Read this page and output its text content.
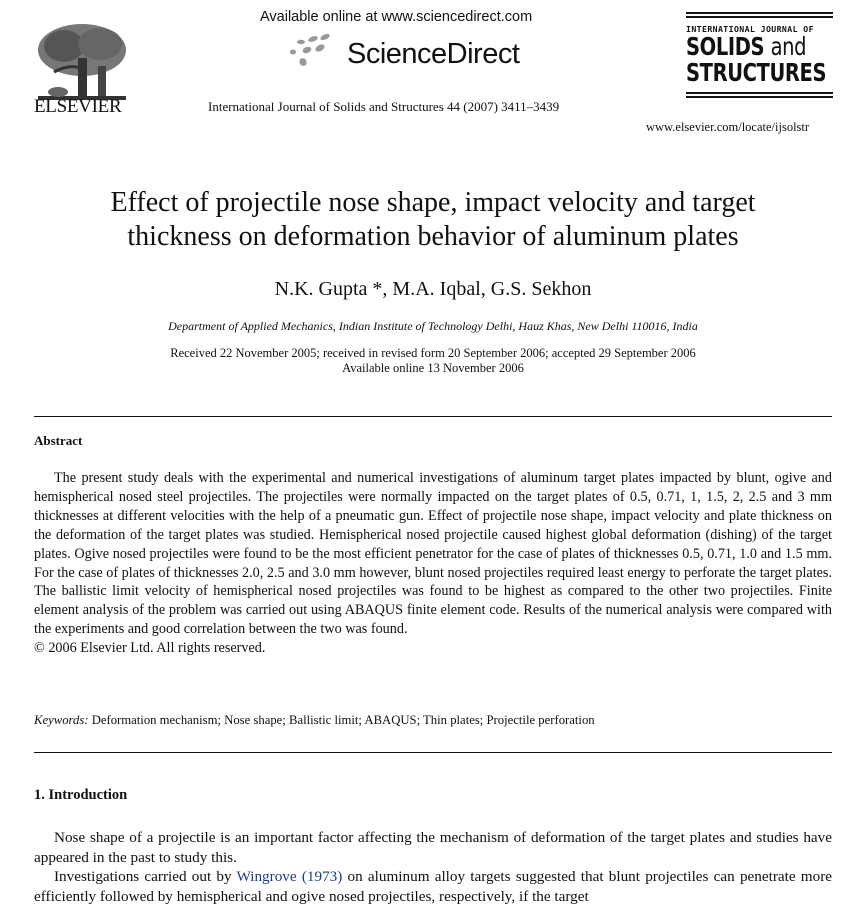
ELSEVIER
Available online at www.sciencedirect.com
ScienceDirect
International Journal of Solids and Structures 44 (2007) 3411–3439
INTERNATIONAL JOURNAL OF
SOLIDS and
STRUCTURES
www.elsevier.com/locate/ijsolstr
Effect of projectile nose shape, impact velocity and target
thickness on deformation behavior of aluminum plates
N.K. Gupta *, M.A. Iqbal, G.S. Sekhon
Department of Applied Mechanics, Indian Institute of Technology Delhi, Hauz Khas, New Delhi 110016, India
Received 22 November 2005; received in revised form 20 September 2006; accepted 29 September 2006
Available online 13 November 2006
Abstract

The present study deals with the experimental and numerical investigations of aluminum target plates impacted by blunt, ogive and hemispherical nosed steel projectiles. The projectiles were normally impacted on the target plates of 0.5, 0.71, 1, 1.5, 2, 2.5 and 3 mm thicknesses at different velocities with the help of a pneumatic gun. Effect of projectile nose shape, impact velocity and plate thickness on the deformation of the target plates was studied. Hemispherical nosed projectile caused highest global deformation (dishing) of the target plates. Ogive nosed projectiles were found to be the most efficient penetrator for the case of plates of thicknesses 0.5, 0.71, 1.0 and 1.5 mm. For the case of plates of thicknesses 2.0, 2.5 and 3.0 mm however, blunt nosed projectiles required least energy to perforate the target plates. The ballistic limit velocity of hemispherical nosed projectiles was found to be highest as compared to the other two projectiles. Finite element analysis of the problem was carried out using ABAQUS finite element code. Results of the numerical analysis were compared with the experiments and good correlation between the two was found.

© 2006 Elsevier Ltd. All rights reserved.

Keywords: Deformation mechanism; Nose shape; Ballistic limit; ABAQUS; Thin plates; Projectile perforation
1. Introduction

Nose shape of a projectile is an important factor affecting the mechanism of deformation of the target plates and studies have appeared in the past to study this.

Investigations carried out by Wingrove (1973) on aluminum alloy targets suggested that blunt projectiles can penetrate more efficiently followed by hemispherical and ogive nosed projectiles, respectively, if the target
